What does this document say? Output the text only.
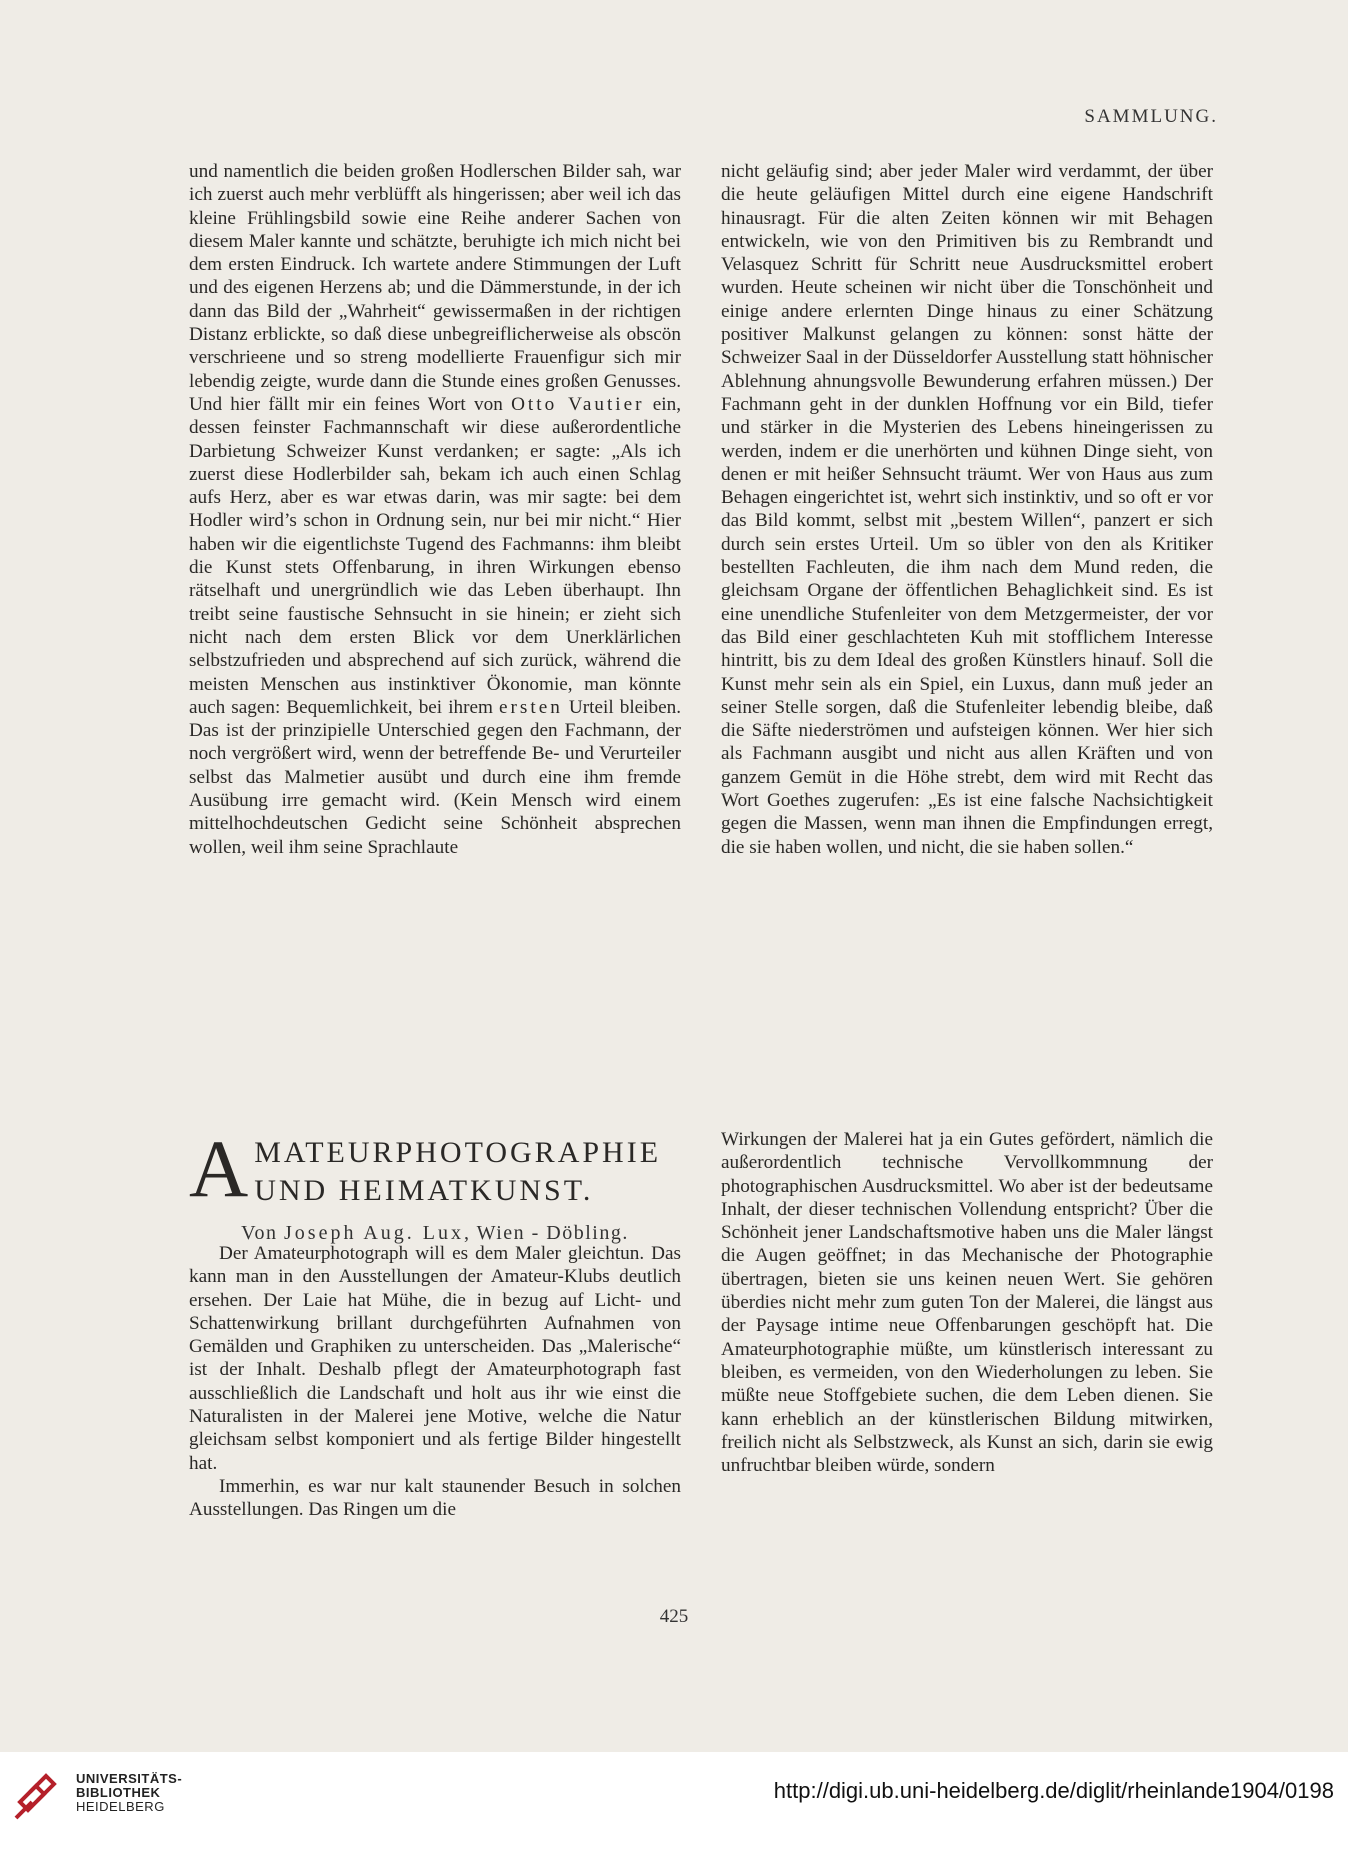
SAMMLUNG.

und namentlich die beiden großen Hodlerschen Bilder sah, war ich zuerst auch mehr verblüfft als hingerissen; aber weil ich das kleine Frühlingsbild sowie eine Reihe anderer Sachen von diesem Maler kannte und schätzte, beruhigte ich mich nicht bei dem ersten Eindruck. Ich wartete andere Stimmungen der Luft und des eigenen Herzens ab; und die Dämmerstunde, in der ich dann das Bild der „Wahrheit“ gewissermaßen in der richtigen Distanz erblickte, so daß diese unbegreiflicherweise als obscön verschrieene und so streng modellierte Frauenfigur sich mir lebendig zeigte, wurde dann die Stunde eines großen Genusses. Und hier fällt mir ein feines Wort von Otto Vautier ein, dessen feinster Fachmannschaft wir diese außerordentliche Darbietung Schweizer Kunst verdanken; er sagte: „Als ich zuerst diese Hodlerbilder sah, bekam ich auch einen Schlag aufs Herz, aber es war etwas darin, was mir sagte: bei dem Hodler wird’s schon in Ordnung sein, nur bei mir nicht.“ Hier haben wir die eigentlichste Tugend des Fachmanns: ihm bleibt die Kunst stets Offenbarung, in ihren Wirkungen ebenso rätselhaft und unergründlich wie das Leben überhaupt. Ihn treibt seine faustische Sehnsucht in sie hinein; er zieht sich nicht nach dem ersten Blick vor dem Unerklärlichen selbstzufrieden und absprechend auf sich zurück, während die meisten Menschen aus instinktiver Ökonomie, man könnte auch sagen: Bequemlichkeit, bei ihrem ersten Urteil bleiben. Das ist der prinzipielle Unterschied gegen den Fachmann, der noch vergrößert wird, wenn der betreffende Be- und Verurteiler selbst das Malmetier ausübt und durch eine ihm fremde Ausübung irre gemacht wird. (Kein Mensch wird einem mittelhochdeutschen Gedicht seine Schönheit absprechen wollen, weil ihm seine Sprachlaute

nicht geläufig sind; aber jeder Maler wird verdammt, der über die heute geläufigen Mittel durch eine eigene Handschrift hinausragt. Für die alten Zeiten können wir mit Behagen entwickeln, wie von den Primitiven bis zu Rembrandt und Velasquez Schritt für Schritt neue Ausdrucksmittel erobert wurden. Heute scheinen wir nicht über die Tonschönheit und einige andere erlernten Dinge hinaus zu einer Schätzung positiver Malkunst gelangen zu können: sonst hätte der Schweizer Saal in der Düsseldorfer Ausstellung statt höhnischer Ablehnung ahnungsvolle Bewunderung erfahren müssen.) Der Fachmann geht in der dunklen Hoffnung vor ein Bild, tiefer und stärker in die Mysterien des Lebens hineingerissen zu werden, indem er die unerhörten und kühnen Dinge sieht, von denen er mit heißer Sehnsucht träumt. Wer von Haus aus zum Behagen eingerichtet ist, wehrt sich instinktiv, und so oft er vor das Bild kommt, selbst mit „bestem Willen“, panzert er sich durch sein erstes Urteil. Um so übler von den als Kritiker bestellten Fachleuten, die ihm nach dem Mund reden, die gleichsam Organe der öffentlichen Behaglichkeit sind. Es ist eine unendliche Stufenleiter von dem Metzgermeister, der vor das Bild einer geschlachteten Kuh mit stofflichem Interesse hintritt, bis zu dem Ideal des großen Künstlers hinauf. Soll die Kunst mehr sein als ein Spiel, ein Luxus, dann muß jeder an seiner Stelle sorgen, daß die Stufenleiter lebendig bleibe, daß die Säfte niederströmen und aufsteigen können. Wer hier sich als Fachmann ausgibt und nicht aus allen Kräften und von ganzem Gemüt in die Höhe strebt, dem wird mit Recht das Wort Goethes zugerufen: „Es ist eine falsche Nachsichtigkeit gegen die Massen, wenn man ihnen die Empfindungen erregt, die sie haben wollen, und nicht, die sie haben sollen.“

A MATEURPHOTOGRAPHIE
UND HEIMATKUNST.
Von Joseph Aug. Lux, Wien - Döbling.

Der Amateurphotograph will es dem Maler gleichtun. Das kann man in den Ausstellungen der Amateur-Klubs deutlich ersehen. Der Laie hat Mühe, die in bezug auf Licht- und Schattenwirkung brillant durchgeführten Aufnahmen von Gemälden und Graphiken zu unterscheiden. Das „Malerische“ ist der Inhalt. Deshalb pflegt der Amateurphotograph fast ausschließlich die Landschaft und holt aus ihr wie einst die Naturalisten in der Malerei jene Motive, welche die Natur gleichsam selbst komponiert und als fertige Bilder hingestellt hat.

Immerhin, es war nur kalt staunender Besuch in solchen Ausstellungen. Das Ringen um die

Wirkungen der Malerei hat ja ein Gutes gefördert, nämlich die außerordentlich technische Vervollkommnung der photographischen Ausdrucksmittel. Wo aber ist der bedeutsame Inhalt, der dieser technischen Vollendung entspricht? Über die Schönheit jener Landschaftsmotive haben uns die Maler längst die Augen geöffnet; in das Mechanische der Photographie übertragen, bieten sie uns keinen neuen Wert. Sie gehören überdies nicht mehr zum guten Ton der Malerei, die längst aus der Paysage intime neue Offenbarungen geschöpft hat. Die Amateurphotographie müßte, um künstlerisch interessant zu bleiben, es vermeiden, von den Wiederholungen zu leben. Sie müßte neue Stoffgebiete suchen, die dem Leben dienen. Sie kann erheblich an der künstlerischen Bildung mitwirken, freilich nicht als Selbstzweck, als Kunst an sich, darin sie ewig unfruchtbar bleiben würde, sondern

425
UNIVERSITÄTS-
BIBLIOTHEK
HEIDELBERG
http://digi.ub.uni-heidelberg.de/diglit/rheinlande1904/0198
